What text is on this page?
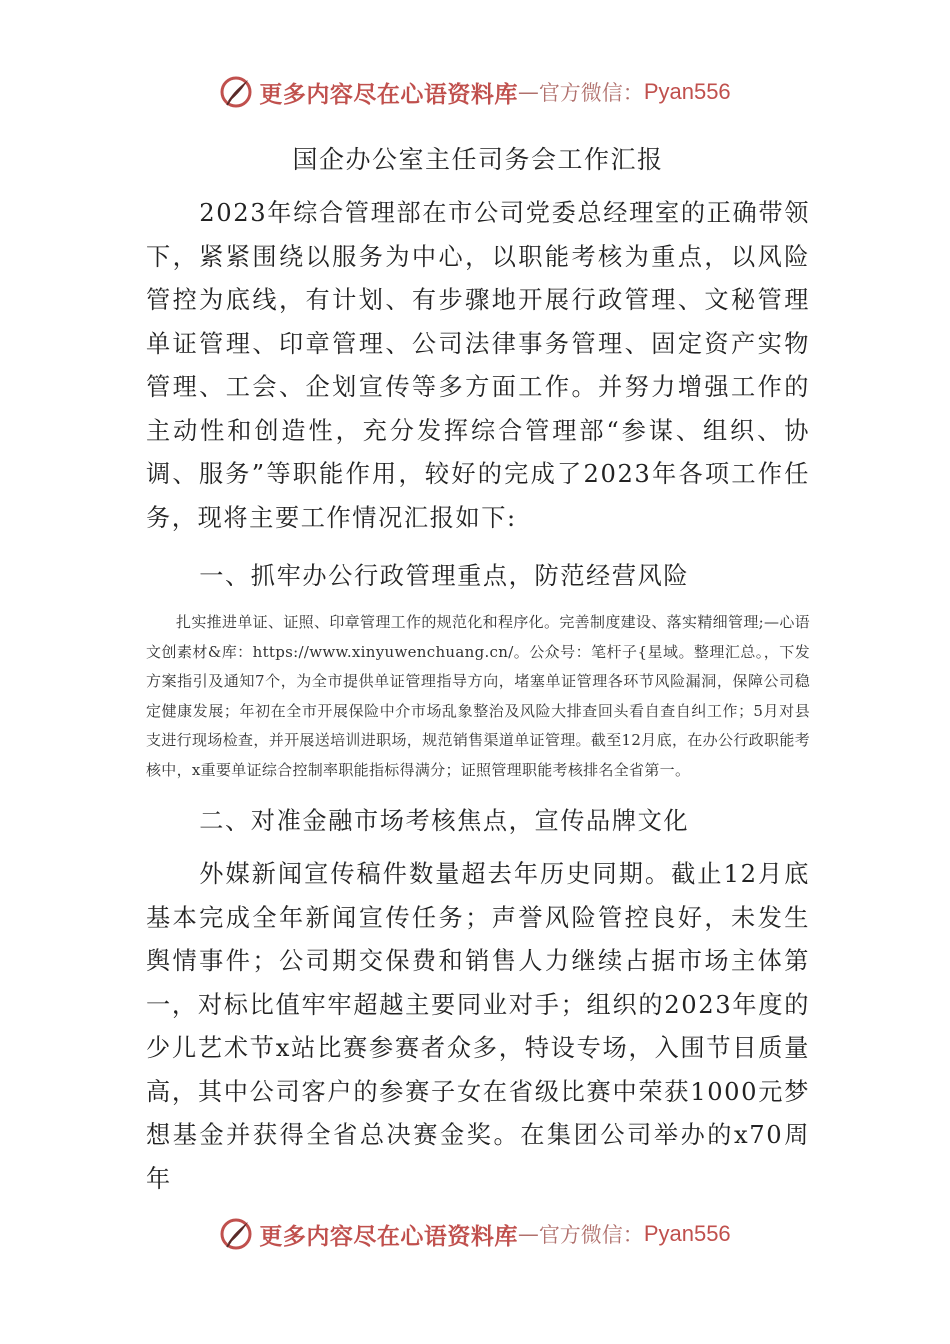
更多内容尽在心语资料库 — 官方微信： Pyan556
国企办公室主任司务会工作汇报

2023年综合管理部在市公司党委总经理室的正确带领下，紧紧围绕以服务为中心，以职能考核为重点，以风险管控为底线，有计划、有步骤地开展行政管理、文秘管理单证管理、印章管理、公司法律事务管理、固定资产实物管理、工会、企划宣传等多方面工作。并努力增强工作的主动性和创造性，充分发挥综合管理部“参谋、组织、协调、服务”等职能作用，较好的完成了2023年各项工作任务，现将主要工作情况汇报如下:

一、抓牢办公行政管理重点，防范经营风险

扎实推进单证、证照、印章管理工作的规范化和程序化。完善制度建设、落实精细管理;—心语文创素材&库：https://www.xinyuwenchuang.cn/。公众号：笔杆子{星域。整理汇总。，下发方案指引及通知7个，为全市提供单证管理指导方向，堵塞单证管理各环节风险漏洞，保障公司稳定健康发展；年初在全市开展保险中介市场乱象整治及风险大排查回头看自查自纠工作；5月对县支进行现场检查，并开展送培训进职场，规范销售渠道单证管理。截至12月底，在办公行政职能考核中，x重要单证综合控制率职能指标得满分；证照管理职能考核排名全省第一。

二、对准金融市场考核焦点，宣传品牌文化

外媒新闻宣传稿件数量超去年历史同期。截止12月底基本完成全年新闻宣传任务；声誉风险管控良好，未发生舆情事件；公司期交保费和销售人力继续占据市场主体第一，对标比值牢牢超越主要同业对手；组织的2023年度的少儿艺术节x站比赛参赛者众多，特设专场，入围节目质量高，其中公司客户的参赛子女在省级比赛中荣获1000元梦想基金并获得全省总决赛金奖。在集团公司举办的x70周年

更多内容尽在心语资料库 — 官方微信： Pyan556
